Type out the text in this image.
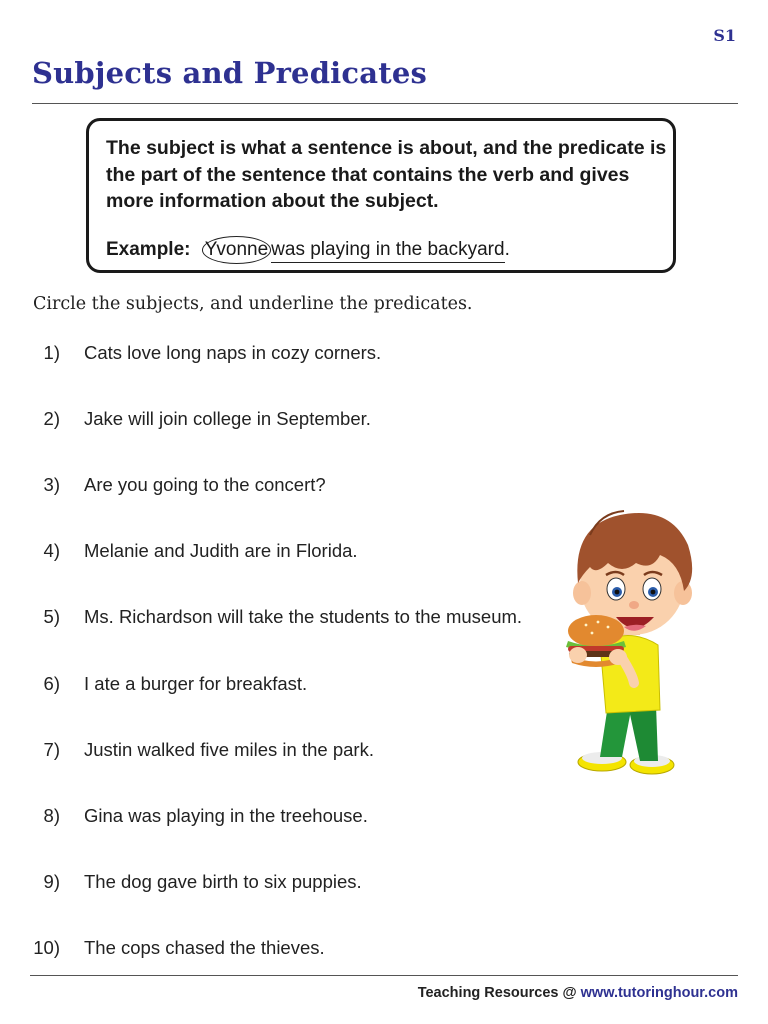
S1
Subjects and Predicates

The subject is what a sentence is about, and the predicate is the part of the sentence that contains the verb and gives more information about the subject.

Example: Yvonne was playing in the backyard.

Circle the subjects, and underline the predicates.

1) Cats love long naps in cozy corners.
2) Jake will join college in September.
3) Are you going to the concert?
4) Melanie and Judith are in Florida.
5) Ms. Richardson will take the students to the museum.
6) I ate a burger for breakfast.
7) Justin walked five miles in the park.
8) Gina was playing in the treehouse.
9) The dog gave birth to six puppies.
10) The cops chased the thieves.
Teaching Resources @ www.tutoringhour.com
